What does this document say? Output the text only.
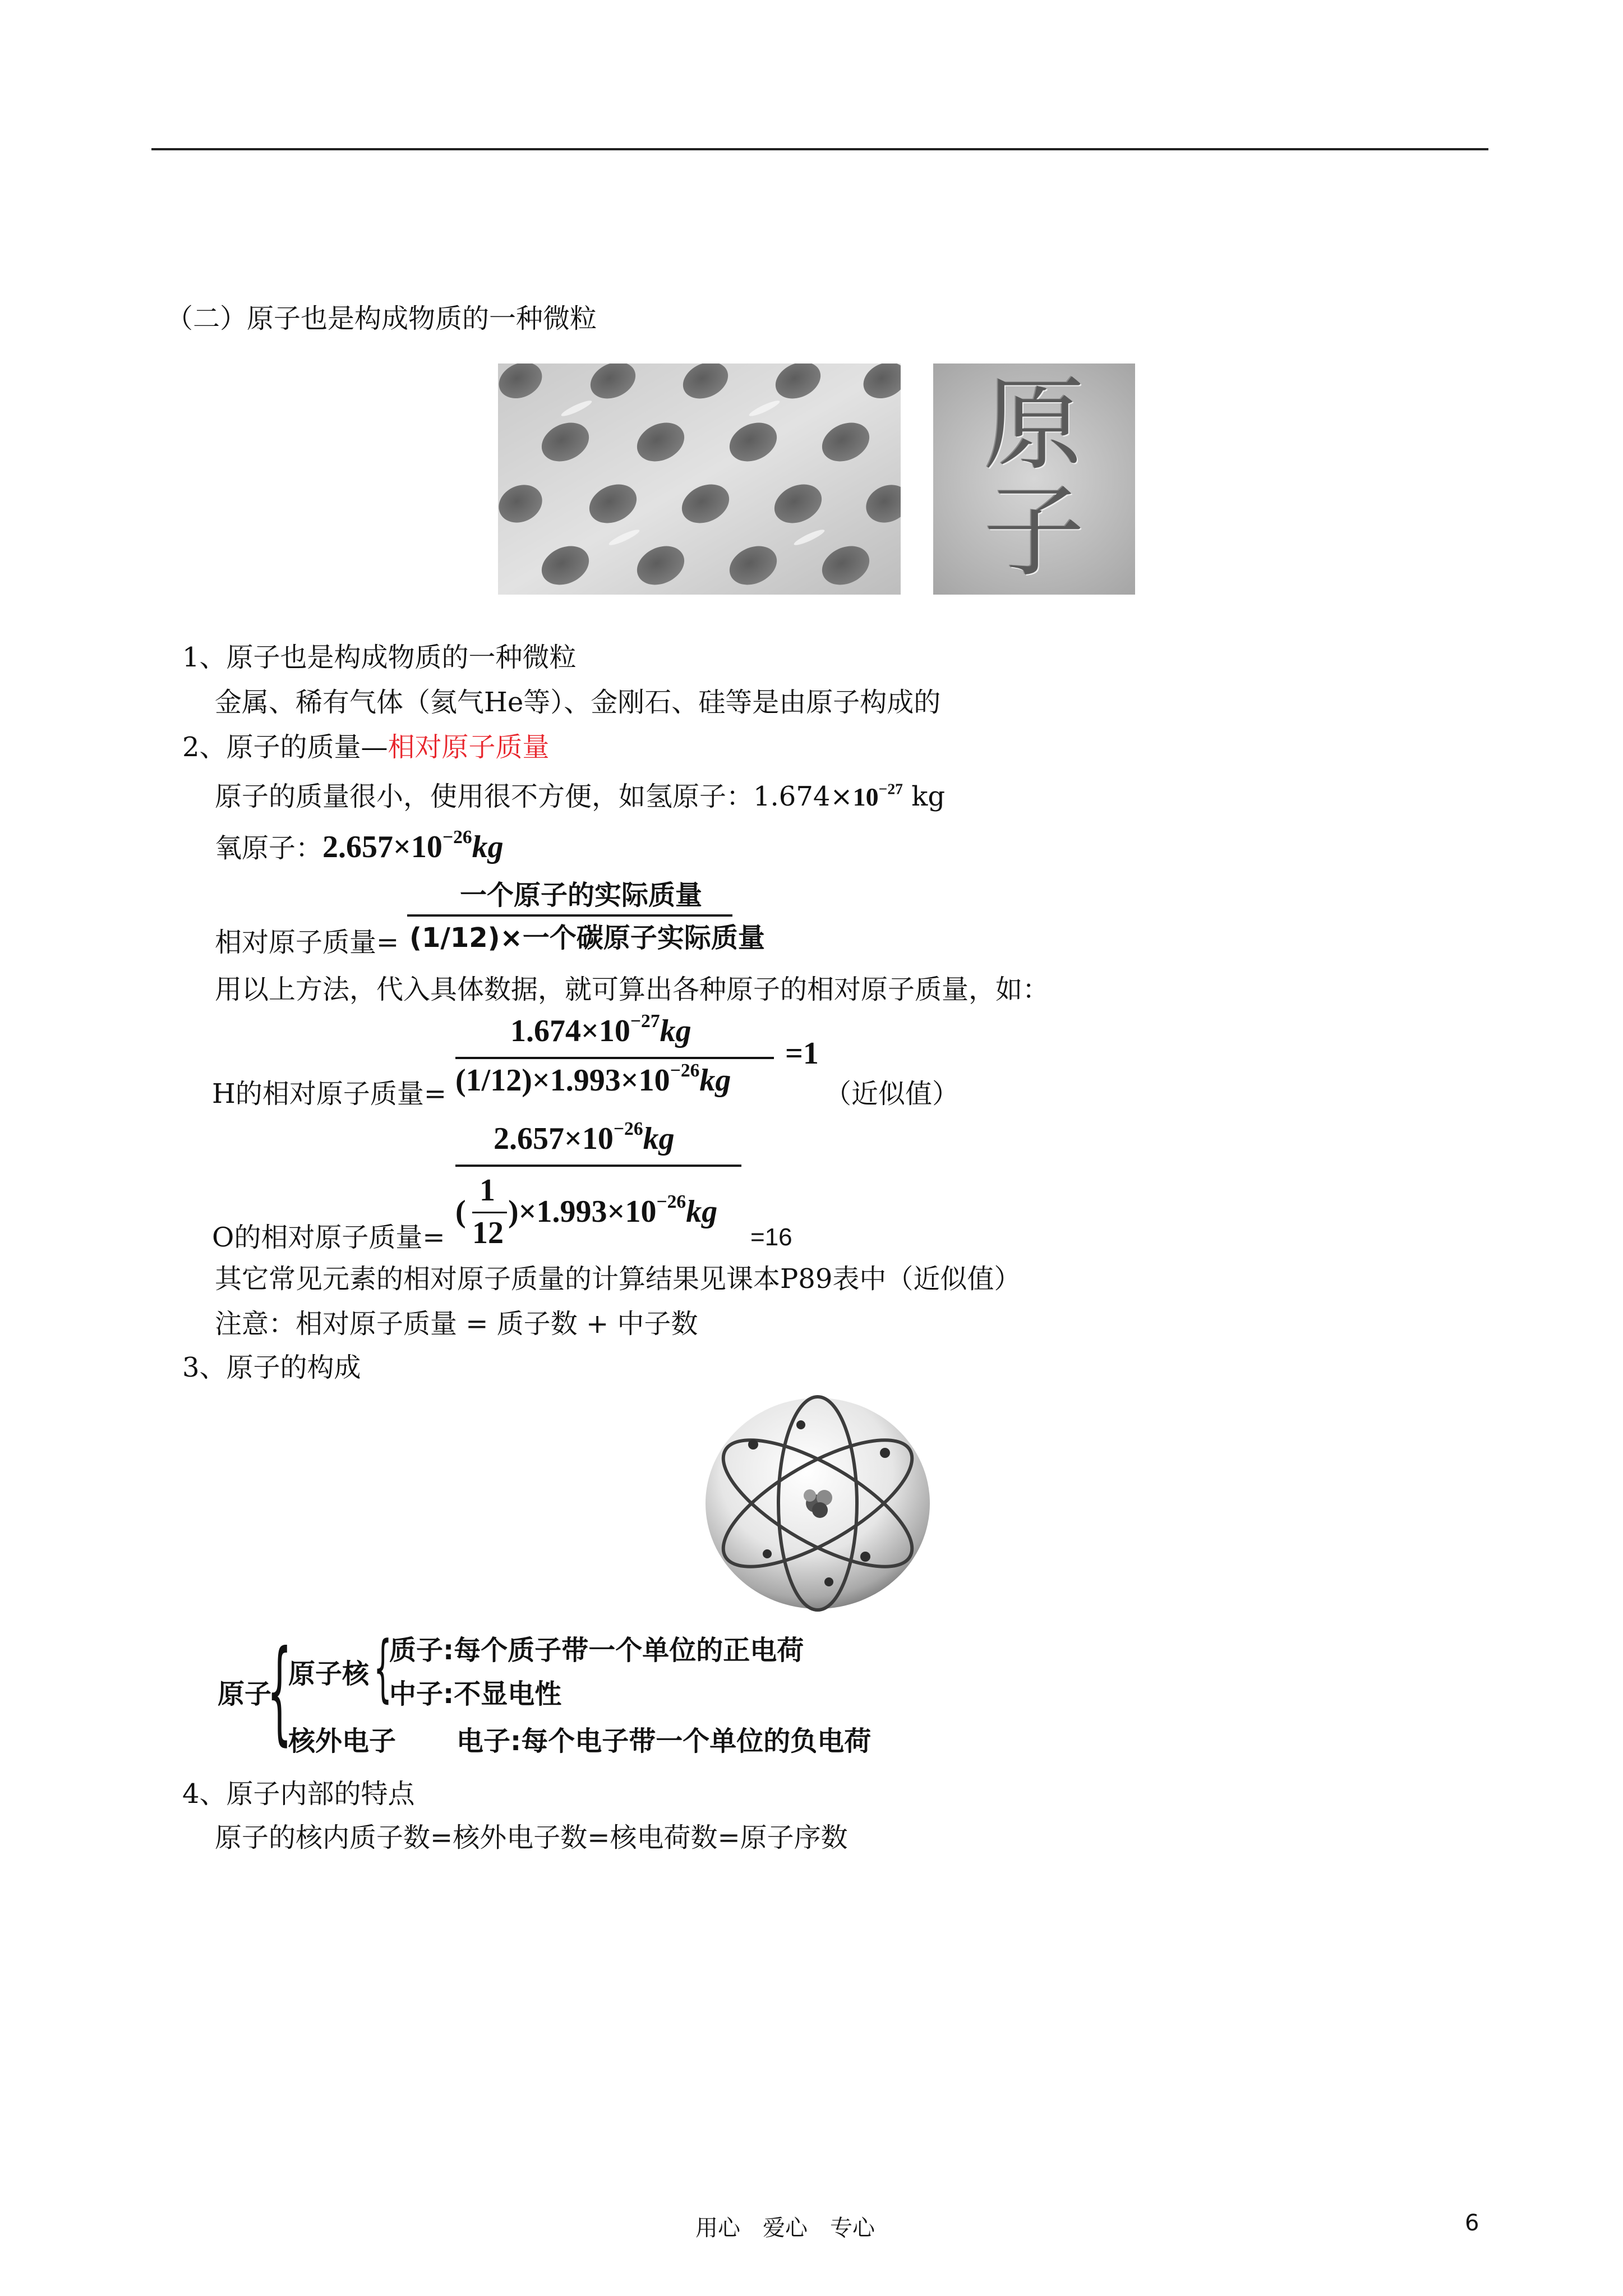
（二）原子也是构成物质的一种微粒
原子
1、原子也是构成物质的一种微粒
金属、稀有气体（氦气He等）、金刚石、硅等是由原子构成的
2、原子的质量—相对原子质量
原子的质量很小，使用很不方便，如氢原子：$1.674\times 10^{-27}$ kg
氧原子：$2.657\times 10^{-26}kg$
一个原子的实际质量
相对原子质量= (1/12)×一个碳原子实际质量
用以上方法，代入具体数据，就可算出各种原子的相对原子质量，如：
$1.674\times 10^{-27}kg$
=1
$(1/12)\times 1.993\times 10^{-26}kg$
H的相对原子质量=	（近似值）
$2.657\times 10^{-26}kg$
(
1
12
)$\times 1.993\times 10^{-26}kg$
O的相对原子质量=	=16
其它常见元素的相对原子质量的计算结果见课本P89表中（近似值）
注意：相对原子质量 = 质子数 + 中子数
3、原子的构成
原子
{
原子核 {
质子:每个质子带一个单位的正电荷
中子:不显电性
核外电子 电子:每个电子带一个单位的负电荷
4、原子内部的特点
原子的核内质子数=核外电子数=核电荷数=原子序数
用心　爱心　专心	6
